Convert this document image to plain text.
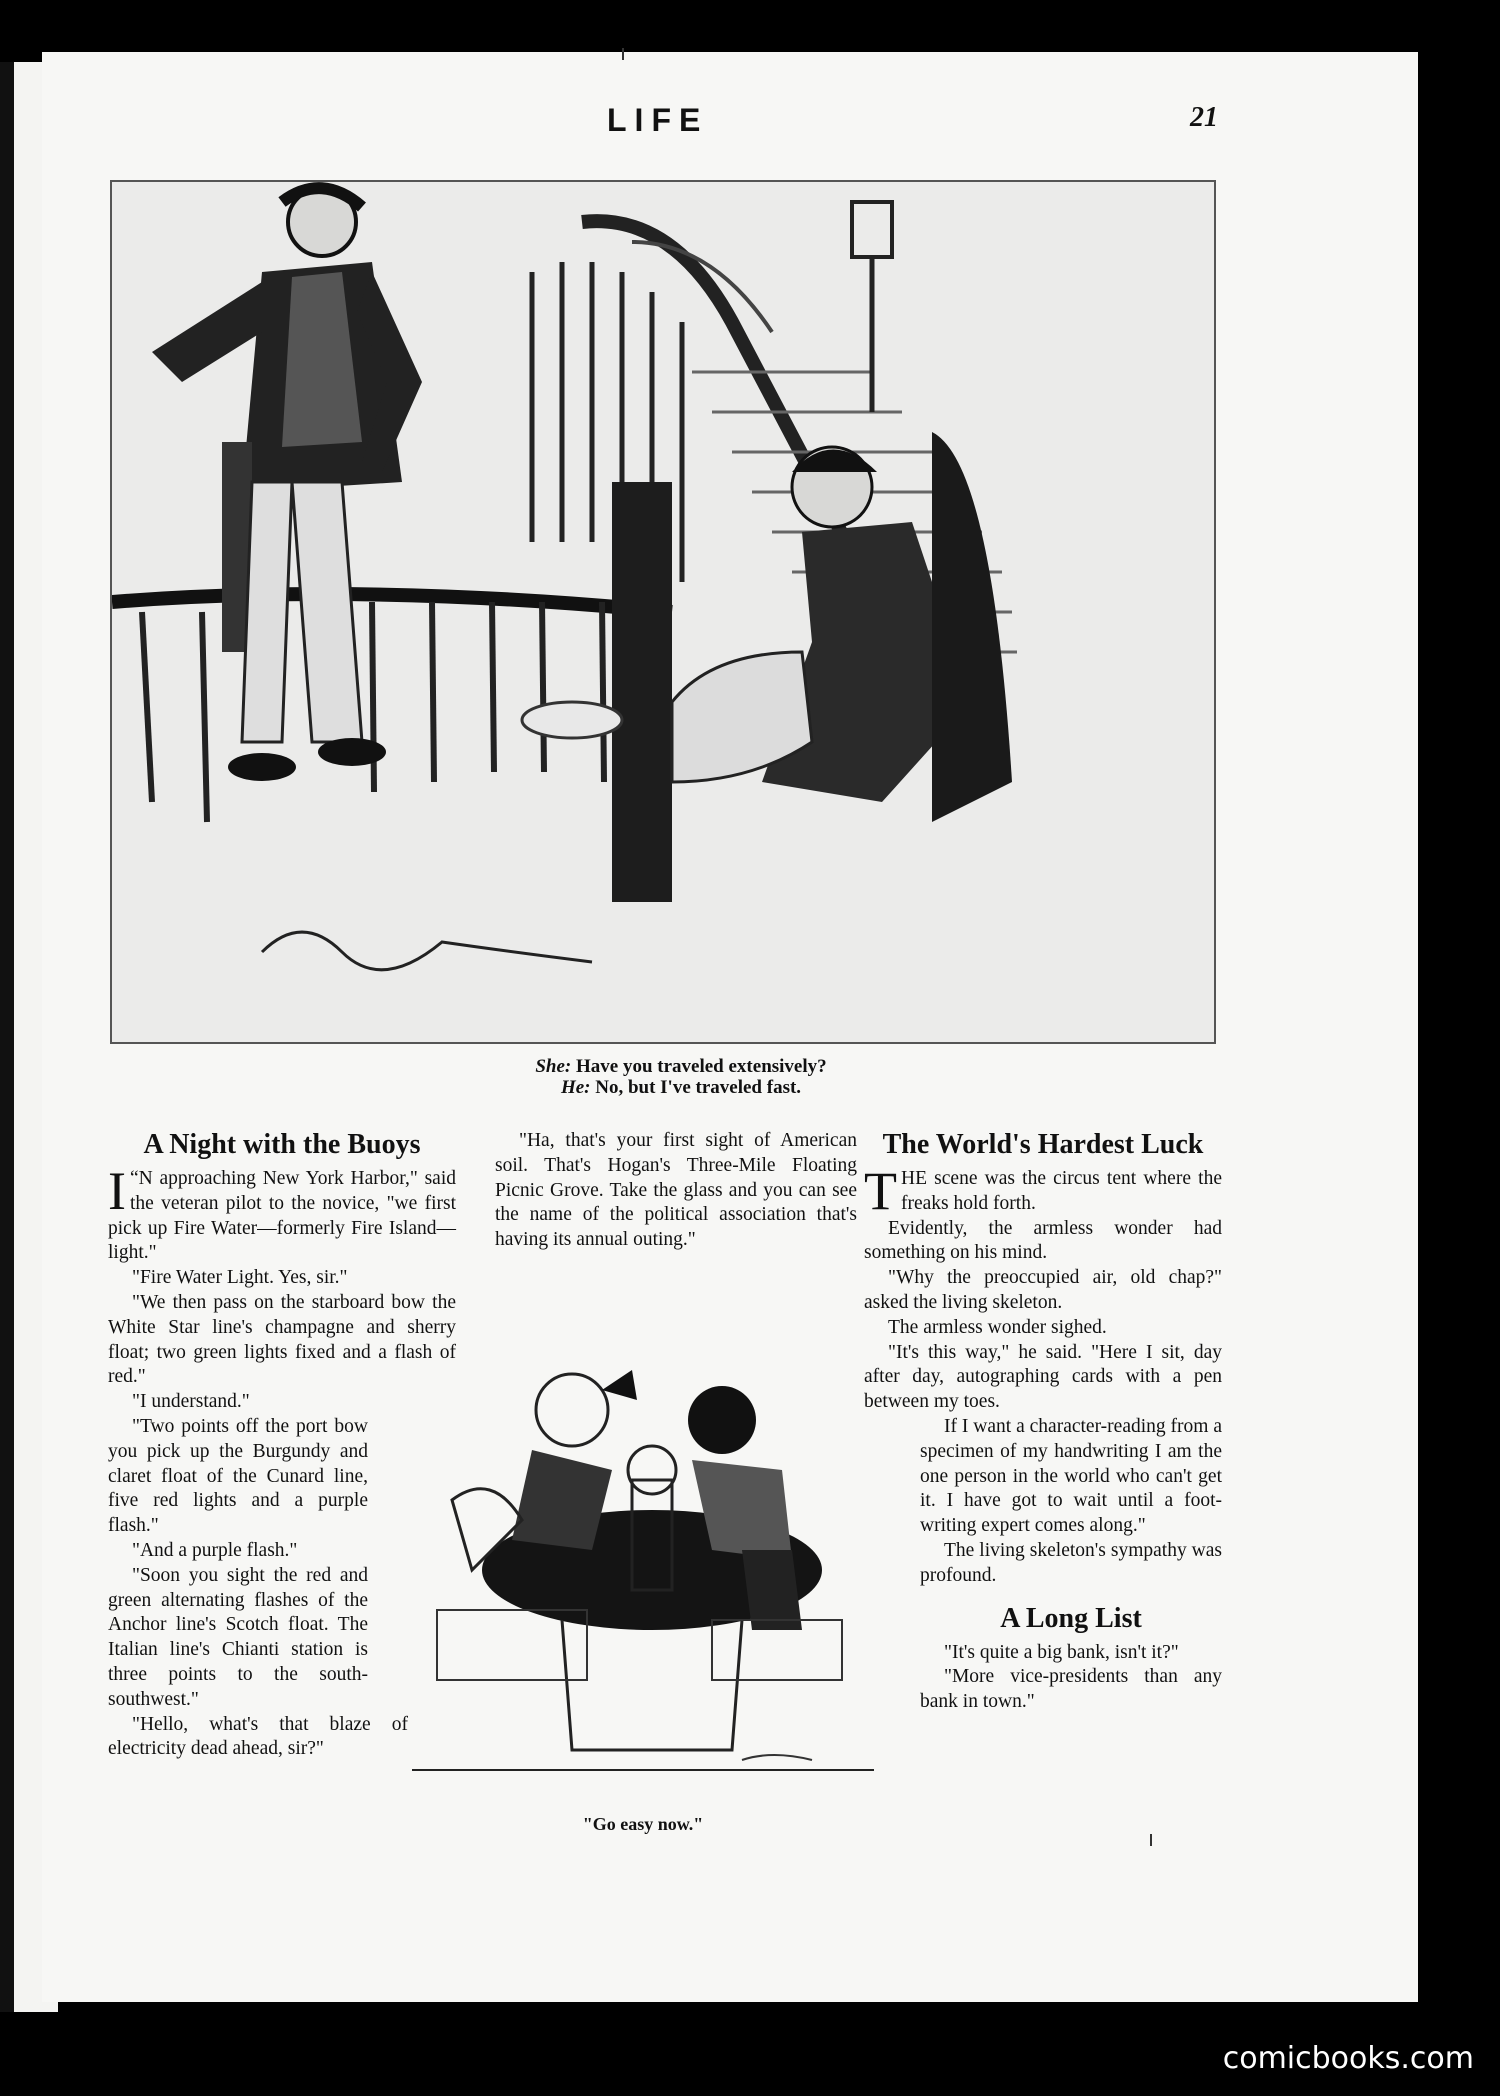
LIFE	21
She: Have you traveled extensively?
He: No, but I've traveled fast.
A Night with the Buoys

“
I N approaching New York Harbor," said the veteran pilot to the novice, "we first pick up Fire Water—formerly Fire Island—light."

"Fire Water Light. Yes, sir."

"We then pass on the starboard bow the White Star line's champagne and sherry float; two green lights fixed and a flash of red."

"I understand."

"Two points off the port bow you pick up the Burgundy and claret float of the Cunard line, five red lights and a purple flash."

"And a purple flash."

"Soon you sight the red and green alternating flashes of the Anchor line's Scotch float. The Italian line's Chianti station is three points to the south-southwest."

"Hello, what's that blaze of electricity dead ahead, sir?"

"Ha, that's your first sight of American soil. That's Hogan's Three-Mile Floating Picnic Grove. Take the glass and you can see the name of the political association that's having its annual outing."

"Go easy now."
The World's Hardest Luck

THE scene was the circus tent where the freaks hold forth.

Evidently, the armless wonder had something on his mind.

"Why the preoccupied air, old chap?" asked the living skeleton.

The armless wonder sighed.

"It's this way," he said. "Here I sit, day after day, autographing cards with a pen between my toes.

If I want a character-reading from a specimen of my handwriting I am the one person in the world who can't get it. I have got to wait until a foot-writing expert comes along."

The living skeleton's sympathy was profound.

A Long List

"It's quite a big bank, isn't it?"

"More vice-presidents than any bank in town."

comicbooks.com
